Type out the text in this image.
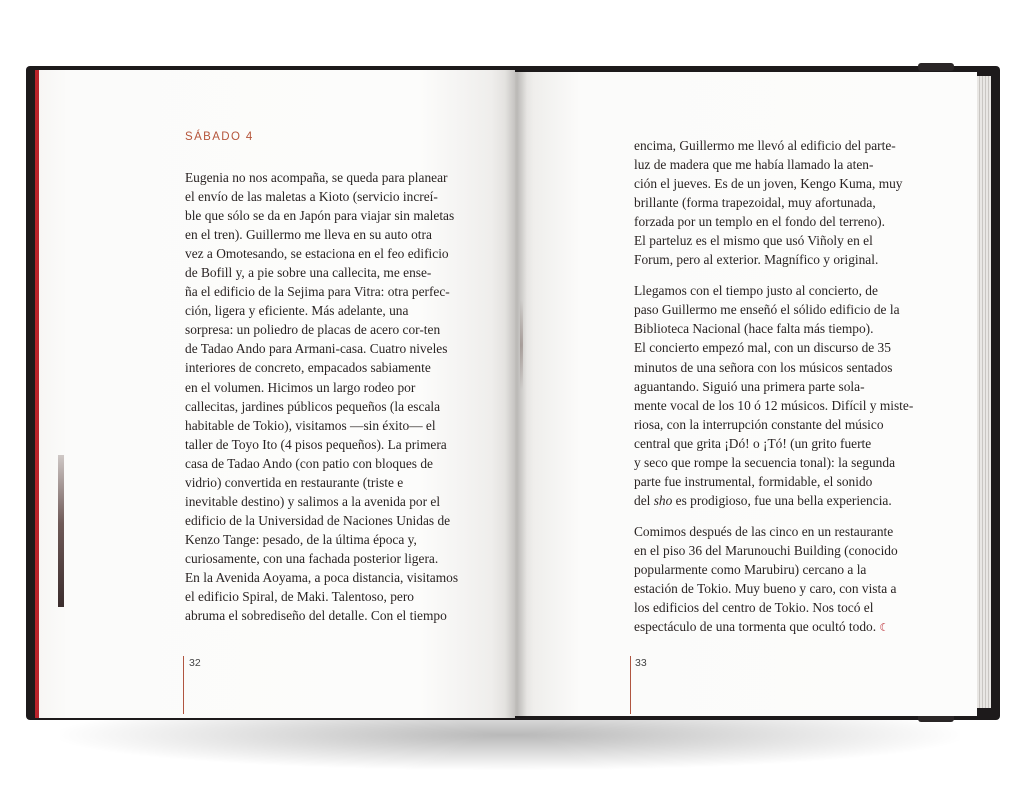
SÁBADO 4
Eugenia no nos acompaña, se queda para planear
el envío de las maletas a Kioto (servicio increí-
ble que sólo se da en Japón para viajar sin maletas
en el tren). Guillermo me lleva en su auto otra
vez a Omotesando, se estaciona en el feo edificio
de Bofill y, a pie sobre una callecita, me ense-
ña el edificio de la Sejima para Vitra: otra perfec-
ción, ligera y eficiente. Más adelante, una
sorpresa: un poliedro de placas de acero cor-ten
de Tadao Ando para Armani-casa. Cuatro niveles
interiores de concreto, empacados sabiamente
en el volumen. Hicimos un largo rodeo por
callecitas, jardines públicos pequeños (la escala
habitable de Tokio), visitamos —sin éxito— el
taller de Toyo Ito (4 pisos pequeños). La primera
casa de Tadao Ando (con patio con bloques de
vidrio) convertida en restaurante (triste e
inevitable destino) y salimos a la avenida por el
edificio de la Universidad de Naciones Unidas de
Kenzo Tange: pesado, de la última época y,
curiosamente, con una fachada posterior ligera.
En la Avenida Aoyama, a poca distancia, visitamos
el edificio Spiral, de Maki. Talentoso, pero
abruma el sobrediseño del detalle. Con el tiempo
encima, Guillermo me llevó al edificio del parte-
luz de madera que me había llamado la aten-
ción el jueves. Es de un joven, Kengo Kuma, muy
brillante (forma trapezoidal, muy afortunada,
forzada por un templo en el fondo del terreno).
El parteluz es el mismo que usó Viñoly en el
Forum, pero al exterior. Magnífico y original.
Llegamos con el tiempo justo al concierto, de
paso Guillermo me enseñó el sólido edificio de la
Biblioteca Nacional (hace falta más tiempo).
El concierto empezó mal, con un discurso de 35
minutos de una señora con los músicos sentados
aguantando. Siguió una primera parte sola-
mente vocal de los 10 ó 12 músicos. Difícil y miste-
riosa, con la interrupción constante del músico
central que grita ¡Dó! o ¡Tó! (un grito fuerte
y seco que rompe la secuencia tonal): la segunda
parte fue instrumental, formidable, el sonido
del sho es prodigioso, fue una bella experiencia.
Comimos después de las cinco en un restaurante
en el piso 36 del Marunouchi Building (conocido
popularmente como Marubiru) cercano a la
estación de Tokio. Muy bueno y caro, con vista a
los edificios del centro de Tokio. Nos tocó el
espectáculo de una tormenta que ocultó todo. ☾
32	33
